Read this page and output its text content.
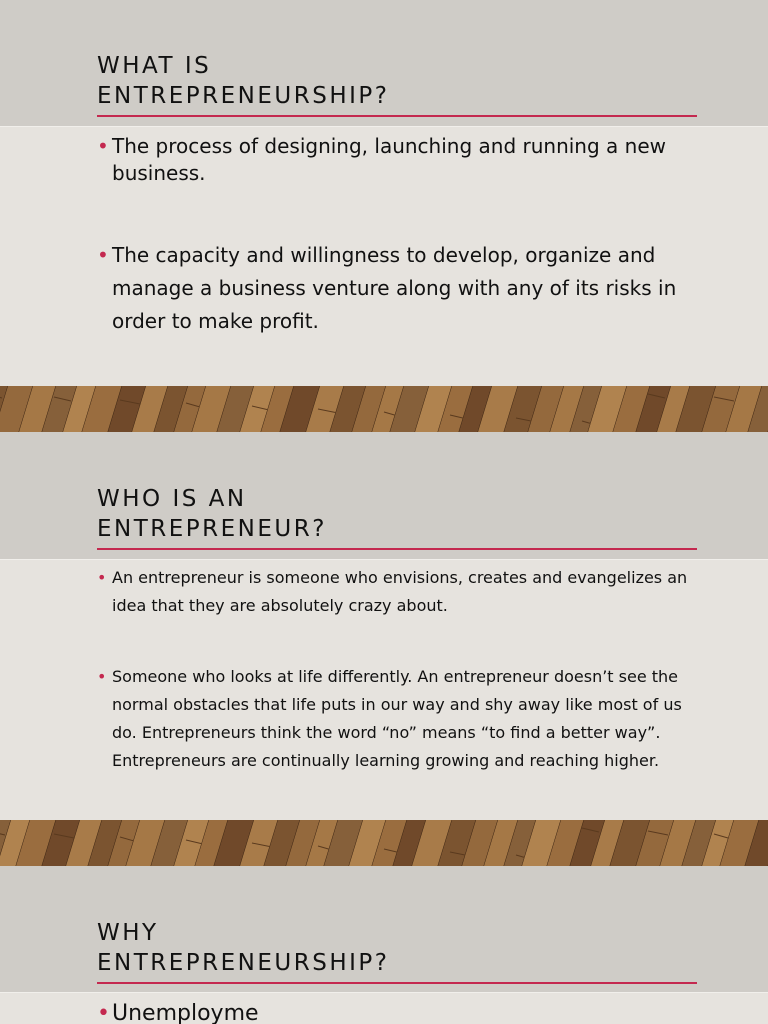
WHAT IS
ENTREPRENEURSHIP?

• The process of designing, launching and running a new business.

• The capacity and willingness to develop, organize and manage a business venture along with any of its risks in order to make profit.

WHO IS AN
ENTREPRENEUR?

• An entrepreneur is someone who envisions, creates and evangelizes an idea that they are absolutely crazy about.

• Someone who looks at life differently. An entrepreneur doesn’t see the normal obstacles that life puts in our way and shy away like most of us do. Entrepreneurs think the word “no” means “to find a better way”. Entrepreneurs are continually learning growing and reaching higher.

WHY
ENTREPRENEURSHIP?

• Unemployme
